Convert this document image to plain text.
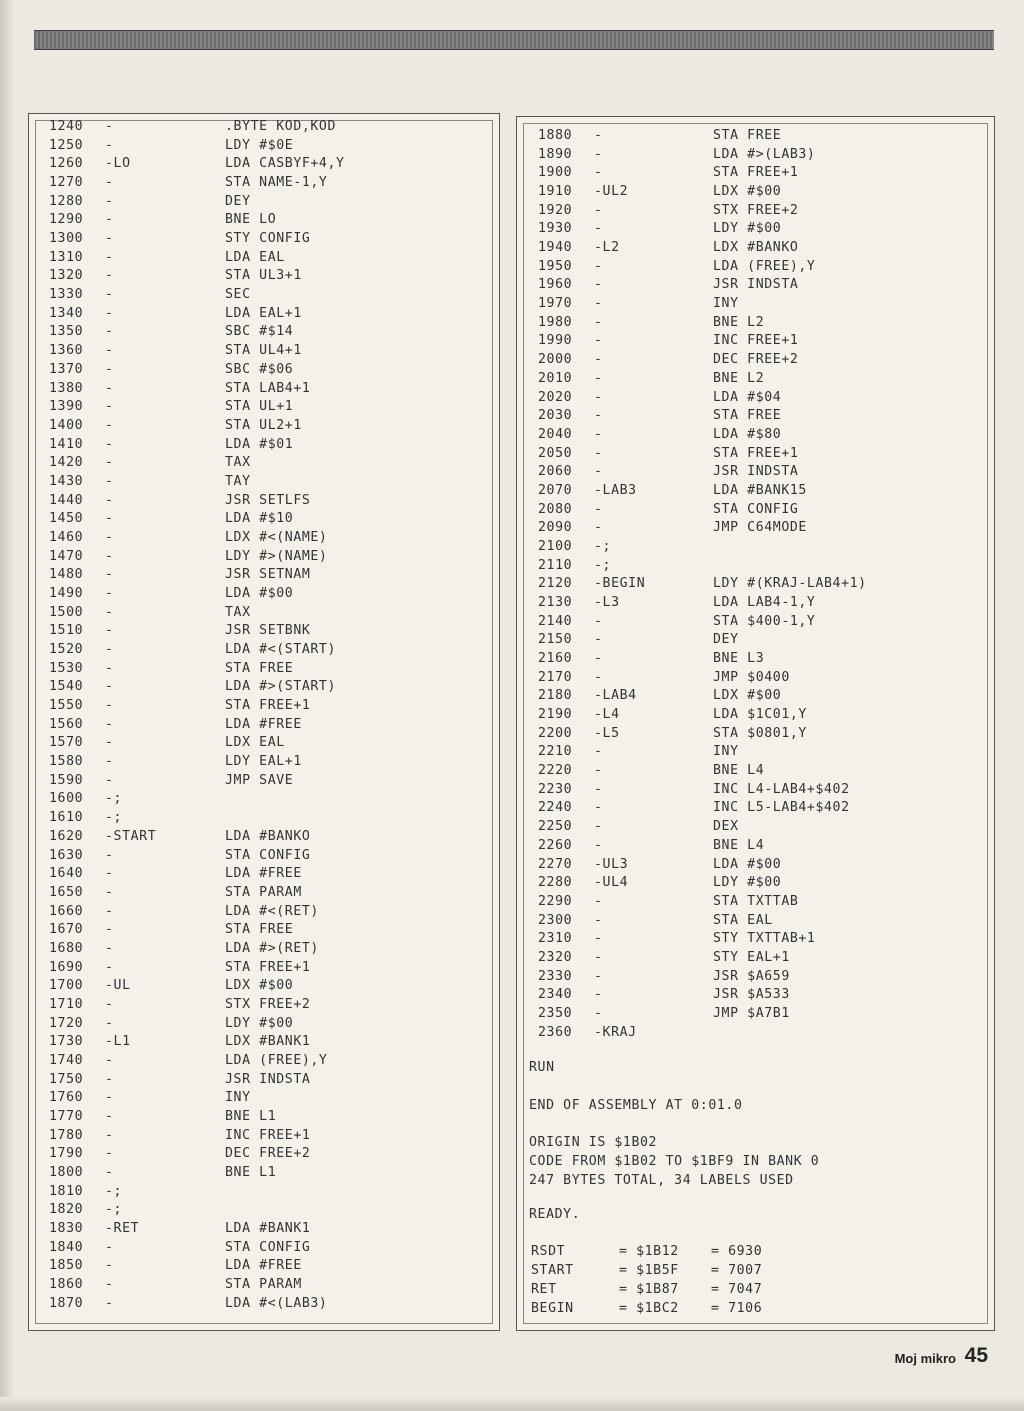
1240 -	.BYTE KOD,KOD
1250 -	LDY #$0E
1260 -LO	LDA CASBYF+4,Y
1270 -	STA NAME-1,Y
1280 -	DEY
1290 -	BNE LO
1300 -	STY CONFIG
1310 -	LDA EAL
1320 -	STA UL3+1
1330 -	SEC
1340 -	LDA EAL+1
1350 -	SBC #$14
1360 -	STA UL4+1
1370 -	SBC #$06
1380 -	STA LAB4+1
1390 -	STA UL+1
1400 -	STA UL2+1
1410 -	LDA #$01
1420 -	TAX
1430 -	TAY
1440 -	JSR SETLFS
1450 -	LDA #$10
1460 -	LDX #<(NAME)
1470 -	LDY #>(NAME)
1480 -	JSR SETNAM
1490 -	LDA #$00
1500 -	TAX
1510 -	JSR SETBNK
1520 -	LDA #<(START)
1530 -	STA FREE
1540 -	LDA #>(START)
1550 -	STA FREE+1
1560 -	LDA #FREE
1570 -	LDX EAL
1580 -	LDY EAL+1
1590 -	JMP SAVE
1600 -;
1610 -;
1620 -START	LDA #BANKO
1630 -	STA CONFIG
1640 -	LDA #FREE
1650 -	STA PARAM
1660 -	LDA #<(RET)
1670 -	STA FREE
1680 -	LDA #>(RET)
1690 -	STA FREE+1
1700 -UL	LDX #$00
1710 -	STX FREE+2
1720 -	LDY #$00
1730 -L1	LDX #BANK1
1740 -	LDA (FREE),Y
1750 -	JSR INDSTA
1760 -	INY
1770 -	BNE L1
1780 -	INC FREE+1
1790 -	DEC FREE+2
1800 -	BNE L1
1810 -;
1820 -;
1830 -RET	LDA #BANK1
1840 -	STA CONFIG
1850 -	LDA #FREE
1860 -	STA PARAM
1870 -	LDA #<(LAB3)
1880 -	STA FREE
1890 -	LDA #>(LAB3)
1900 -	STA FREE+1
1910 -UL2	LDX #$00
1920 -	STX FREE+2
1930 -	LDY #$00
1940 -L2	LDX #BANKO
1950 -	LDA (FREE),Y
1960 -	JSR INDSTA
1970 -	INY
1980 -	BNE L2
1990 -	INC FREE+1
2000 -	DEC FREE+2
2010 -	BNE L2
2020 -	LDA #$04
2030 -	STA FREE
2040 -	LDA #$80
2050 -	STA FREE+1
2060 -	JSR INDSTA
2070 -LAB3	LDA #BANK15
2080 -	STA CONFIG
2090 -	JMP C64MODE
2100 -;
2110 -;
2120 -BEGIN	LDY #(KRAJ-LAB4+1)
2130 -L3	LDA LAB4-1,Y
2140 -	STA $400-1,Y
2150 -	DEY
2160 -	BNE L3
2170 -	JMP $0400
2180 -LAB4	LDX #$00
2190 -L4	LDA $1C01,Y
2200 -L5	STA $0801,Y
2210 -	INY
2220 -	BNE L4
2230 -	INC L4-LAB4+$402
2240 -	INC L5-LAB4+$402
2250 -	DEX
2260 -	BNE L4
2270 -UL3	LDA #$00
2280 -UL4	LDY #$00
2290 -	STA TXTTAB
2300 -	STA EAL
2310 -	STY TXTTAB+1
2320 -	STY EAL+1
2330 -	JSR $A659
2340 -	JSR $A533
2350 -	JMP $A7B1
2360 -KRAJ
RUN
END OF ASSEMBLY AT 0:01.0
ORIGIN IS $1B02
CODE FROM $1B02 TO $1BF9 IN BANK 0
247 BYTES TOTAL, 34 LABELS USED
READY.
RSDT	= $1B12 = 6930
START	= $1B5F = 7007
RET	= $1B87 = 7047
BEGIN	= $1BC2 = 7106
Moj mikro 45
